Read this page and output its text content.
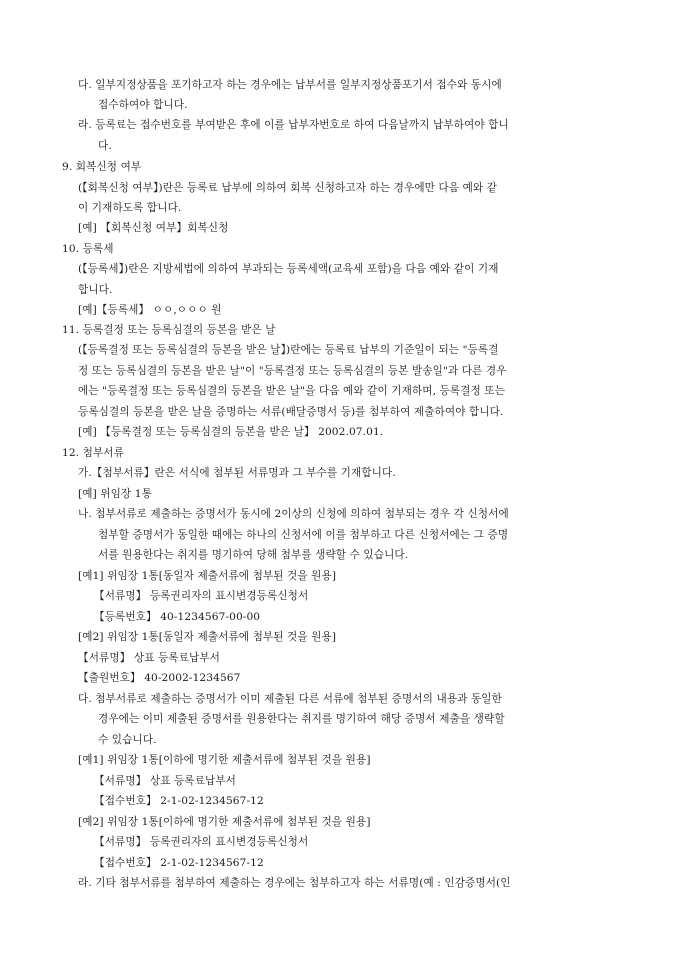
다. 일부지정상품을 포기하고자 하는 경우에는 납부서를 일부지정상품포기서 접수와 동시에
접수하여야 합니다.
라. 등록료는 접수번호를 부여받은 후에 이를 납부자번호로 하여 다음날까지 납부하여야 합니
다.
9. 회복신청 여부
(【회복신청 여부】)란은 등록료 납부에 의하여 회복 신청하고자 하는 경우에만 다음 예와 같
이 기재하도록 합니다.
[예] 【회복신청 여부】회복신청
10. 등록세
(【등록세】)란은 지방세법에 의하여 부과되는 등록세액(교육세 포함)을 다음 예와 같이 기재
합니다.
[예]【등록세】 ㅇㅇ,ㅇㅇㅇ 원
11. 등록결정 또는 등록심결의 등본을 받은 날
(【등록결정 또는 등록심결의 등본을 받은 날】)란에는 등록료 납부의 기준일이 되는 "등록결
정 또는 등록심결의 등본을 받은 날"이 "등록결정 또는 등록심결의 등본 발송일"과 다른 경우
에는 "등록결정 또는 등록심결의 등본을 받은 날"을 다음 예와 같이 기재하며, 등록결정 또는
등록심결의 등본을 받은 날을 증명하는 서류(배달증명서 등)를 첨부하여 제출하여야 합니다.
[예] 【등록결정 또는 등록심결의 등본을 받은 날】 2002.07.01.
12. 첨부서류
가.【첨부서류】란은 서식에 첨부된 서류명과 그 부수를 기재합니다.
[예] 위임장 1통
나. 첨부서류로 제출하는 증명서가 동시에 2이상의 신청에 의하여 첨부되는 경우 각 신청서에
첨부할 증명서가 동일한 때에는 하나의 신청서에 이를 첨부하고 다른 신청서에는 그 증명
서를 원용한다는 취지를 명기하여 당해 첨부를 생략할 수 있습니다.
[예1] 위임장 1통[동일자 제출서류에 첨부된 것을 원용]
【서류명】 등록권리자의 표시변경등록신청서
【등록번호】 40-1234567-00-00
[예2] 위임장 1통[동일자 제출서류에 첨부된 것을 원용]
【서류명】 상표 등록료납부서
【출원번호】 40-2002-1234567
다. 첨부서류로 제출하는 증명서가 이미 제출된 다른 서류에 첨부된 증명서의 내용과 동일한
경우에는 이미 제출된 증명서를 원용한다는 취지를 명기하여 해당 증명서 제출을 생략할
수 있습니다.
[예1] 위임장 1통[이하에 명기한 제출서류에 첨부된 것을 원용]
【서류명】 상표 등록료납부서
【접수번호】 2-1-02-1234567-12
[예2] 위임장 1통[이하에 명기한 제출서류에 첨부된 것을 원용]
【서류명】 등록권리자의 표시변경등록신청서
【접수번호】 2-1-02-1234567-12
라. 기타 첨부서류를 첨부하여 제출하는 경우에는 첨부하고자 하는 서류명(예 : 인감증명서(인
